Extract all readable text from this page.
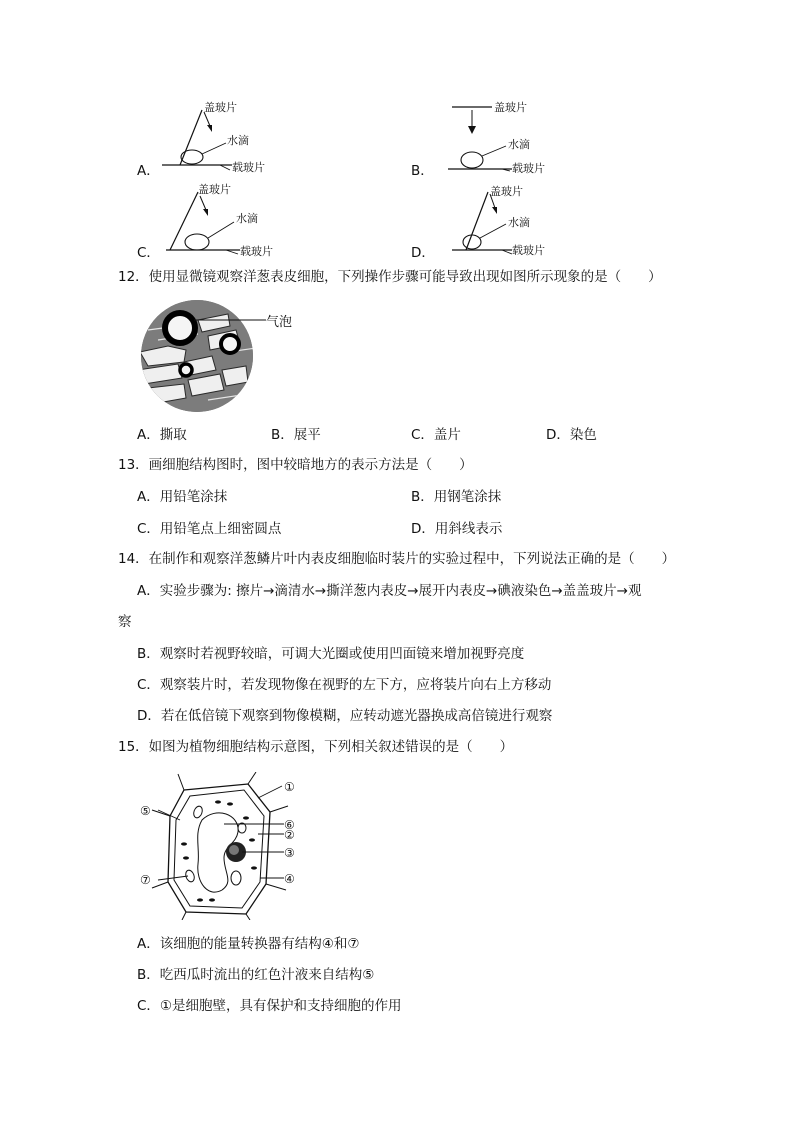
A．
盖玻片
水滴
载玻片	B．
盖玻片
水滴
载玻片
C．
盖玻片
水滴
载玻片	D．
盖玻片
水滴
载玻片
12．使用显微镜观察洋葱表皮细胞，下列操作步骤可能导致出现如图所示现象的是（　　）
气泡
A．撕取	B．展平	C．盖片	D．染色
13．画细胞结构图时，图中较暗地方的表示方法是（　　）
A．用铅笔涂抹	B．用钢笔涂抹
C．用铅笔点上细密圆点	D．用斜线表示
14．在制作和观察洋葱鳞片叶内表皮细胞临时装片的实验过程中，下列说法正确的是（　　）
A．实验步骤为: 擦片→滴清水→撕洋葱内表皮→展开内表皮→碘液染色→盖盖玻片→观
察
B．观察时若视野较暗，可调大光圈或使用凹面镜来增加视野亮度
C．观察装片时，若发现物像在视野的左下方，应将装片向右上方移动
D．若在低倍镜下观察到物像模糊，应转动遮光器换成高倍镜进行观察
15．如图为植物细胞结构示意图，下列相关叙述错误的是（　　）
①
⑥
②
③
④
⑤
⑦
A．该细胞的能量转换器有结构④和⑦
B．吃西瓜时流出的红色汁液来自结构⑤
C．①是细胞壁，具有保护和支持细胞的作用
